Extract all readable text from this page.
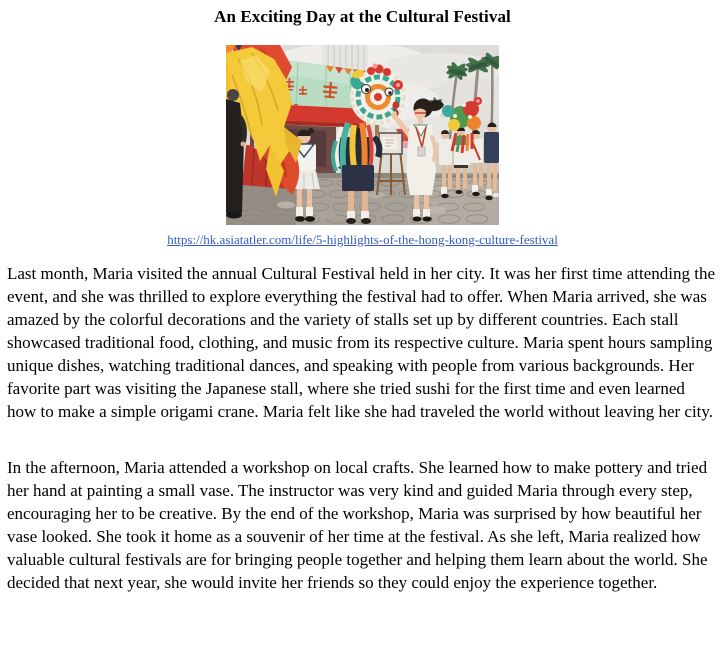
An Exciting Day at the Cultural Festival
https://hk.asiatatler.com/life/5-highlights-of-the-hong-kong-culture-festival

Last month, Maria visited the annual Cultural Festival held in her city. It was her first time attending the event, and she was thrilled to explore everything the festival had to offer. When Maria arrived, she was amazed by the colorful decorations and the variety of stalls set up by different countries. Each stall showcased traditional food, clothing, and music from its respective culture. Maria spent hours sampling unique dishes, watching traditional dances, and speaking with people from various backgrounds. Her favorite part was visiting the Japanese stall, where she tried sushi for the first time and even learned how to make a simple origami crane. Maria felt like she had traveled the world without leaving her city.

In the afternoon, Maria attended a workshop on local crafts. She learned how to make pottery and tried her hand at painting a small vase. The instructor was very kind and guided Maria through every step, encouraging her to be creative. By the end of the workshop, Maria was surprised by how beautiful her vase looked. She took it home as a souvenir of her time at the festival. As she left, Maria realized how valuable cultural festivals are for bringing people together and helping them learn about the world. She decided that next year, she would invite her friends so they could enjoy the experience together.
